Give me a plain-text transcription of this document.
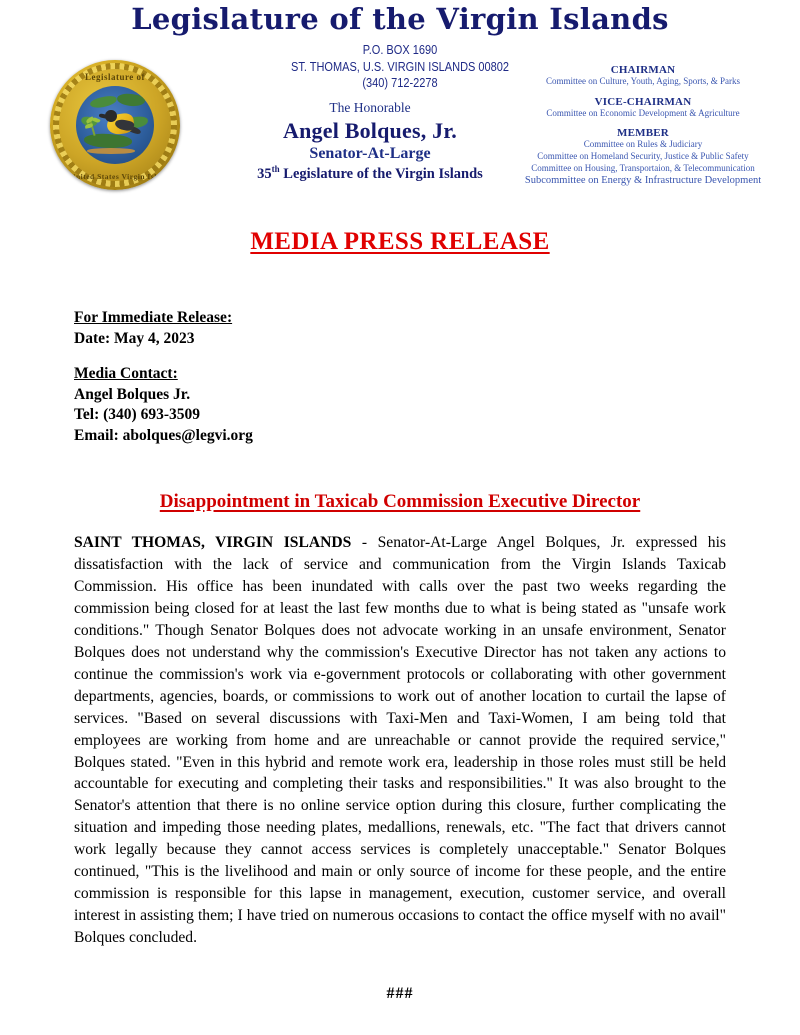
Legislature of the Virgin Islands
P.O. BOX 1690
ST. THOMAS, U.S. VIRGIN ISLANDS 00802
(340) 712-2278
Legislature of
the United States Virgin Islands
The Honorable
Angel Bolques, Jr.
Senator-At-Large
35th Legislature of the Virgin Islands
CHAIRMAN
Committee on Culture, Youth, Aging, Sports, & Parks
VICE-CHAIRMAN
Committee on Economic Development & Agriculture
MEMBER
Committee on Rules & Judiciary
Committee on Homeland Security, Justice & Public Safety
Committee on Housing, Transportaion, & Telecommunication
Subcommittee on Energy & Infrastructure Development
MEDIA PRESS RELEASE
For Immediate Release:
Date: May 4, 2023
Media Contact:
Angel Bolques Jr.
Tel: (340) 693-3509
Email: abolques@legvi.org
Disappointment in Taxicab Commission Executive Director
SAINT THOMAS, VIRGIN ISLANDS - Senator-At-Large Angel Bolques, Jr. expressed his dissatisfaction with the lack of service and communication from the Virgin Islands Taxicab Commission. His office has been inundated with calls over the past two weeks regarding the commission being closed for at least the last few months due to what is being stated as "unsafe work conditions." Though Senator Bolques does not advocate working in an unsafe environment, Senator Bolques does not understand why the commission's Executive Director has not taken any actions to continue the commission's work via e-government protocols or collaborating with other government departments, agencies, boards, or commissions to work out of another location to curtail the lapse of services. "Based on several discussions with Taxi-Men and Taxi-Women, I am being told that employees are working from home and are unreachable or cannot provide the required service," Bolques stated. "Even in this hybrid and remote work era, leadership in those roles must still be held accountable for executing and completing their tasks and responsibilities." It was also brought to the Senator's attention that there is no online service option during this closure, further complicating the situation and impeding those needing plates, medallions, renewals, etc. "The fact that drivers cannot work legally because they cannot access services is completely unacceptable." Senator Bolques continued, "This is the livelihood and main or only source of income for these people, and the entire commission is responsible for this lapse in management, execution, customer service, and overall interest in assisting them; I have tried on numerous occasions to contact the office myself with no avail" Bolques concluded.
###
